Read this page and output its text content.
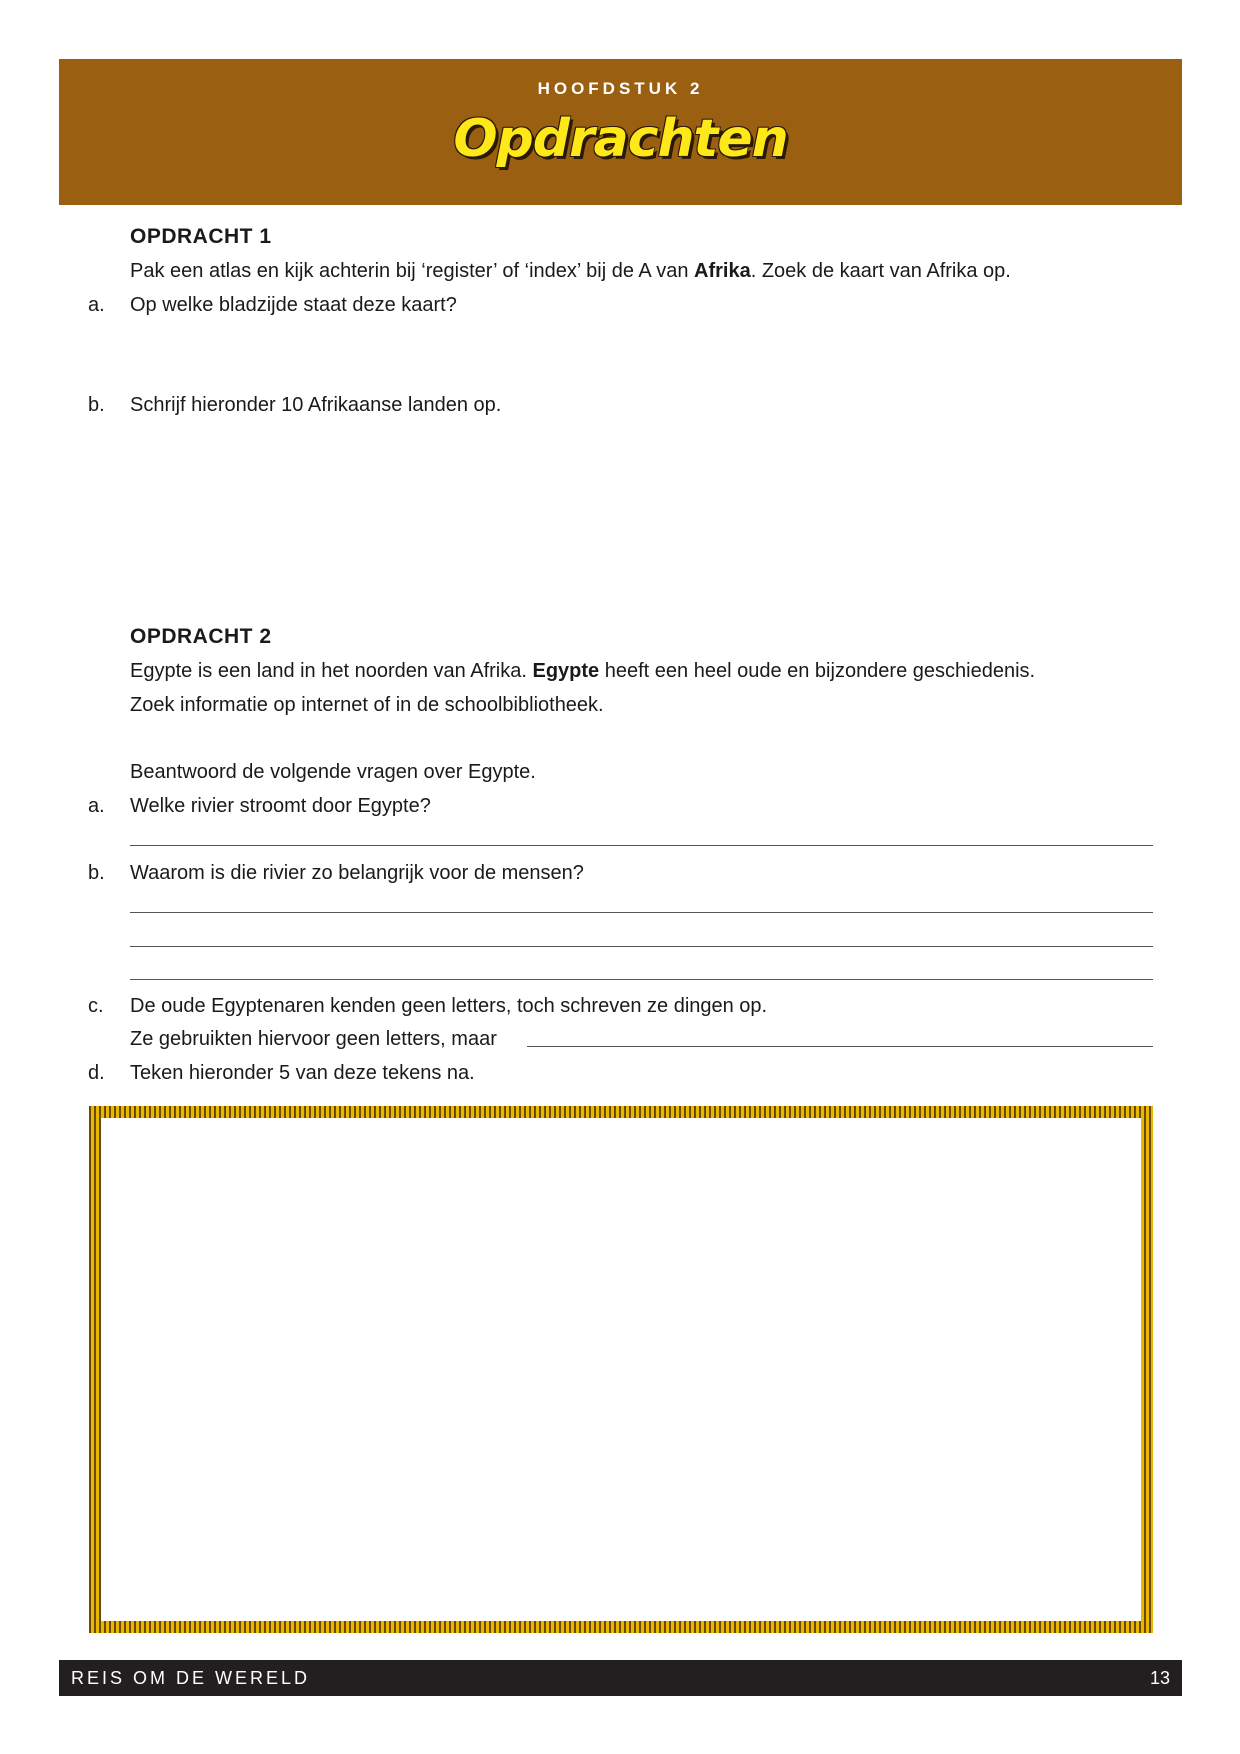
HOOFDSTUK 2
Opdrachten
OPDRACHT 1
Pak een atlas en kijk achterin bij ‘register’ of ‘index’ bij de A van Afrika. Zoek de kaart van Afrika op.
a. Op welke bladzijde staat deze kaart?
b. Schrijf hieronder 10 Afrikaanse landen op.
OPDRACHT 2
Egypte is een land in het noorden van Afrika. Egypte heeft een heel oude en bijzondere geschiedenis.
Zoek informatie op internet of in de schoolbibliotheek.
Beantwoord de volgende vragen over Egypte.
a. Welke rivier stroomt door Egypte?
b. Waarom is die rivier zo belangrijk voor de mensen?
c. De oude Egyptenaren kenden geen letters, toch schreven ze dingen op.
Ze gebruikten hiervoor geen letters, maar
d. Teken hieronder 5 van deze tekens na.
REIS OM DE WERELD	13
